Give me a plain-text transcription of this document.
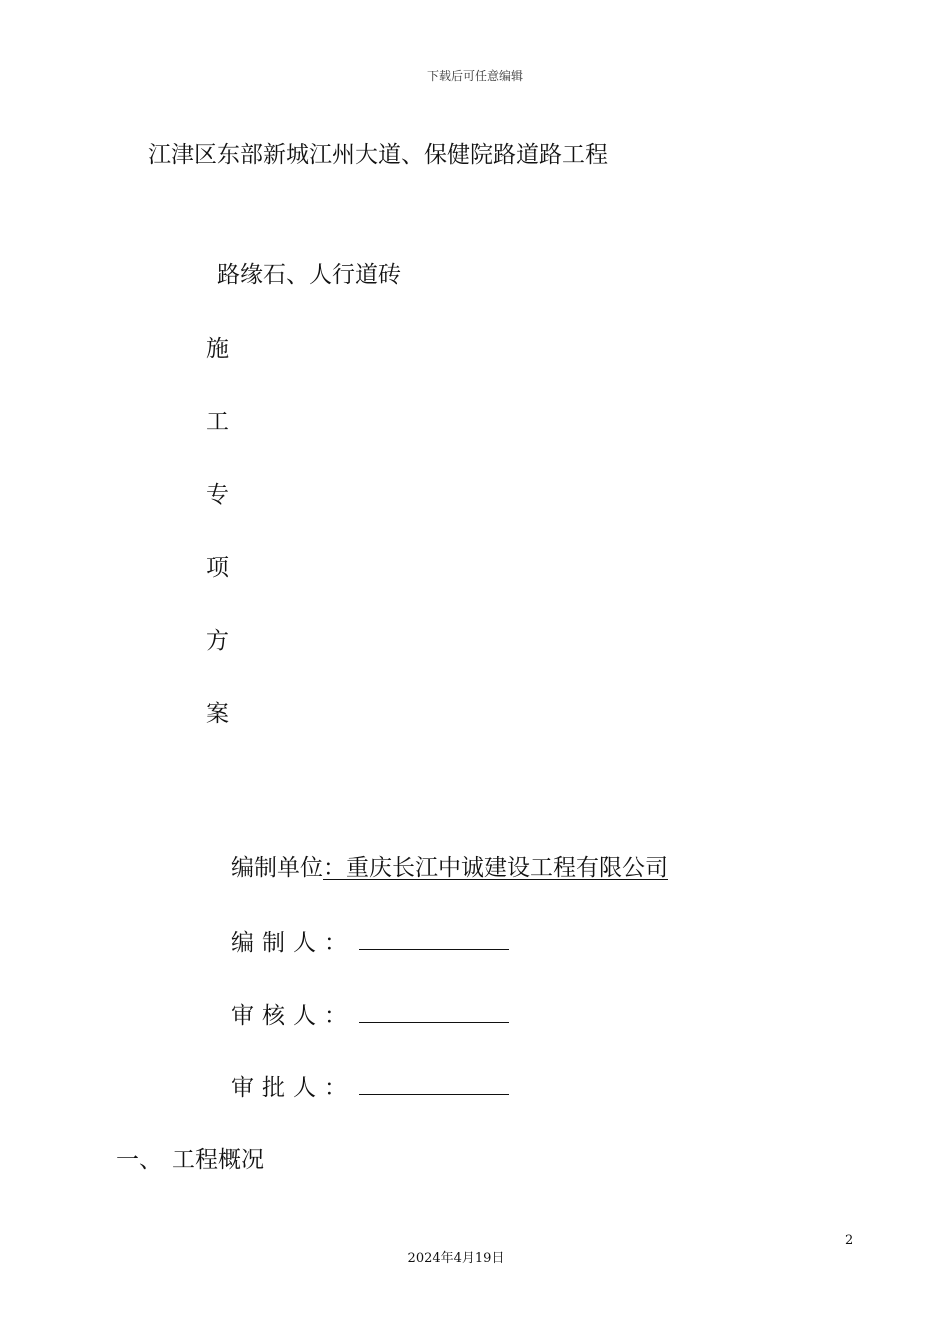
下载后可任意编辑
江津区东部新城江州大道、保健院路道路工程
路缘石、人行道砖
施
工
专
项
方
案
编制单位：重庆长江中诚建设工程有限公司
编制人：
审核人：
审批人：
一、 工程概况
2
2024年4月19日
